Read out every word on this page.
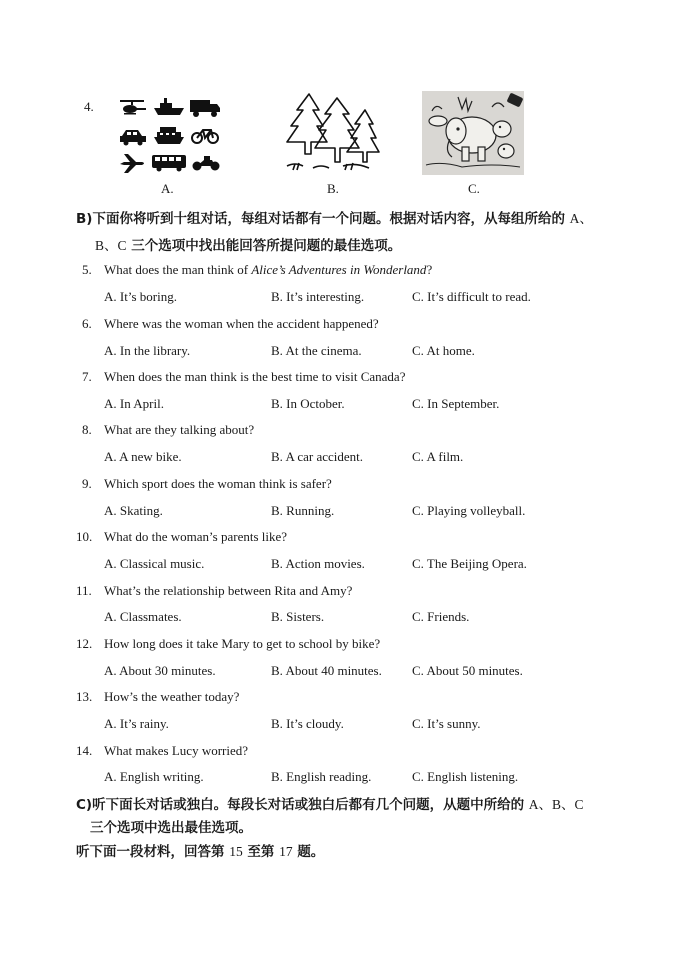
4.
A.	B.	C.
B)下面你将听到十组对话，每组对话都有一个问题。根据对话内容，从每组所给的 A、
B、C 三个选项中找出能回答所提问题的最佳选项。
5. What does the man think of Alice’s Adventures in Wonderland?
A. It’s boring.	B. It’s interesting.	C. It’s difficult to read.
6. Where was the woman when the accident happened?
A. In the library.	B. At the cinema.	C. At home.
7. When does the man think is the best time to visit Canada?
A. In April.	B. In October.	C. In September.
8. What are they talking about?
A. A new bike.	B. A car accident.	C. A film.
9. Which sport does the woman think is safer?
A. Skating.	B. Running.	C. Playing volleyball.
10. What do the woman’s parents like?
A. Classical music.	B. Action movies.	C. The Beijing Opera.
11. What’s the relationship between Rita and Amy?
A. Classmates.	B. Sisters.	C. Friends.
12. How long does it take Mary to get to school by bike?
A. About 30 minutes.	B. About 40 minutes. C. About 50 minutes.
13. How’s the weather today?
A. It’s rainy.	B. It’s cloudy.	C. It’s sunny.
14. What makes Lucy worried?
A. English writing.	B. English reading.	C. English listening.
C)听下面长对话或独白。每段长对话或独白后都有几个问题，从题中所给的 A、B、C
三个选项中选出最佳选项。
听下面一段材料，回答第 15 至第 17 题。
